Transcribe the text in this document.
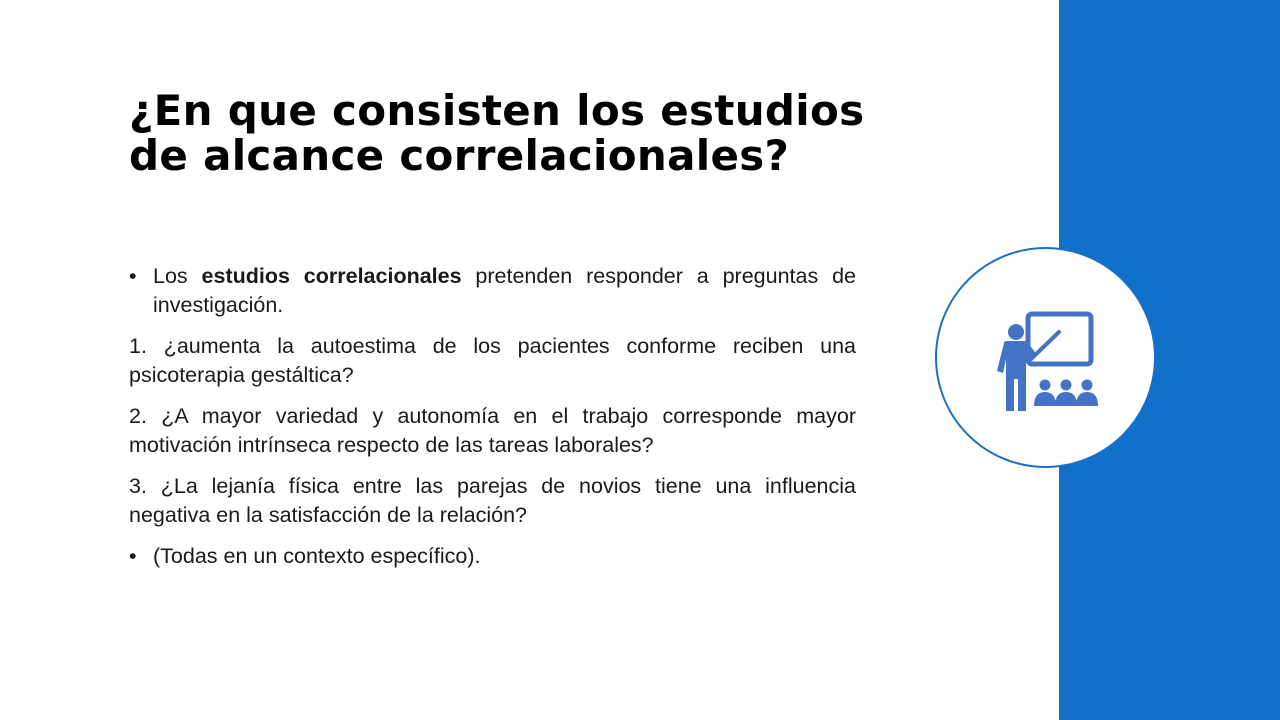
¿En que consisten los estudios de alcance correlacionales?

• Los estudios correlacionales pretenden responder a preguntas de investigación.

1. ¿aumenta la autoestima de los pacientes conforme reciben una psicoterapia gestáltica?

2. ¿A mayor variedad y autonomía en el trabajo corresponde mayor motivación intrínseca respecto de las tareas laborales?

3. ¿La lejanía física entre las parejas de novios tiene una influencia negativa en la satisfacción de la relación?

• (Todas en un contexto específico).
